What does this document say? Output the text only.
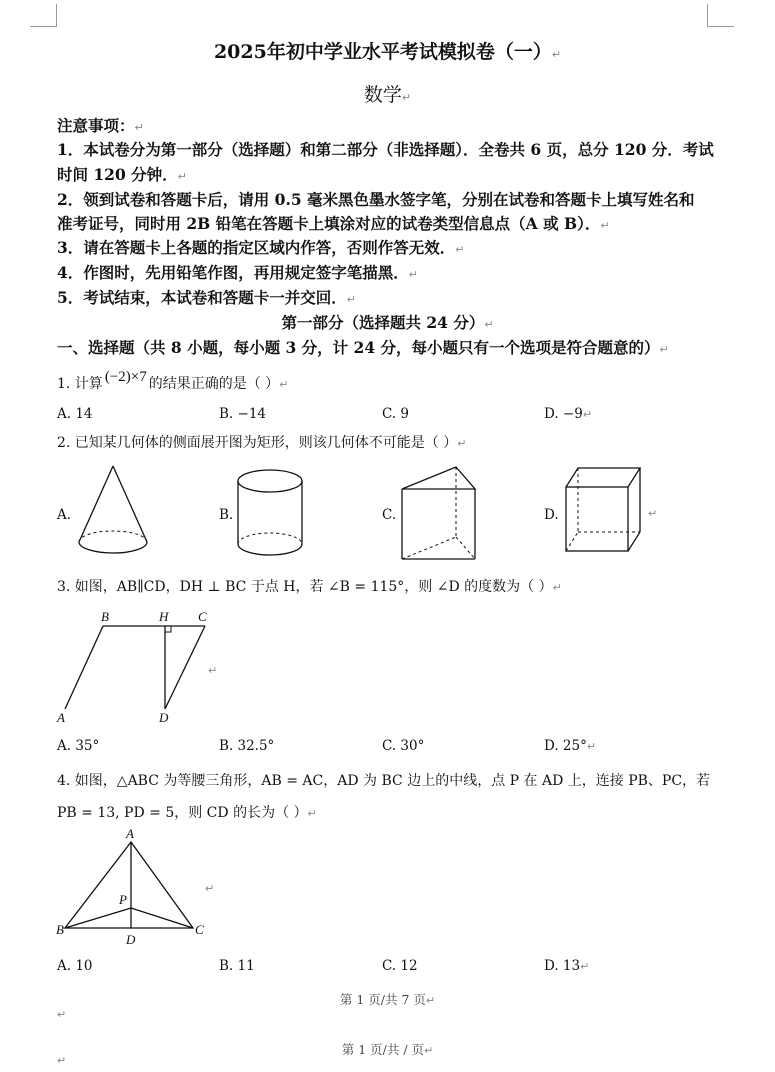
2025年初中学业水平考试模拟卷（一）↵
数学↵
注意事项：↵
1．本试卷分为第一部分（选择题）和第二部分（非选择题）．全卷共 6 页，总分 120 分．考试
时间 120 分钟．↵
2．领到试卷和答题卡后，请用 0.5 毫米黑色墨水签字笔，分别在试卷和答题卡上填写姓名和
准考证号，同时用 2B 铅笔在答题卡上填涂对应的试卷类型信息点（A 或 B）．↵
3．请在答题卡上各题的指定区域内作答，否则作答无效．↵
4．作图时，先用铅笔作图，再用规定签字笔描黑．↵
5．考试结束，本试卷和答题卡一并交回．↵
第一部分（选择题共 24 分）↵
一、选择题（共 8 小题，每小题 3 分，计 24 分，每小题只有一个选项是符合题意的）↵
1. 计算 (−2)×7 的结果正确的是（ ）↵
A. 14	B. −14	C. 9	D. −9↵
2. 已知某几何体的侧面展开图为矩形，则该几何体不可能是（ ）↵
A.	B.	C.	D.	↵
3. 如图，AB∥CD，DH ⊥ BC 于点 H，若 ∠B = 115°，则 ∠D 的度数为（ ）↵
B	H C
A	D
↵
A. 35°	B. 32.5°	C. 30°	D. 25°↵
4. 如图，△ABC 为等腰三角形，AB = AC，AD 为 BC 边上的中线，点 P 在 AD 上，连接 PB、PC，若
PB = 13, PD = 5，则 CD 的长为（ ）↵
A
P
B
D
C
↵
A. 10	B. 11	C. 12	D. 13↵
第 1 页/共 7 页↵
↵
第 1 页/共 / 页↵
↵
